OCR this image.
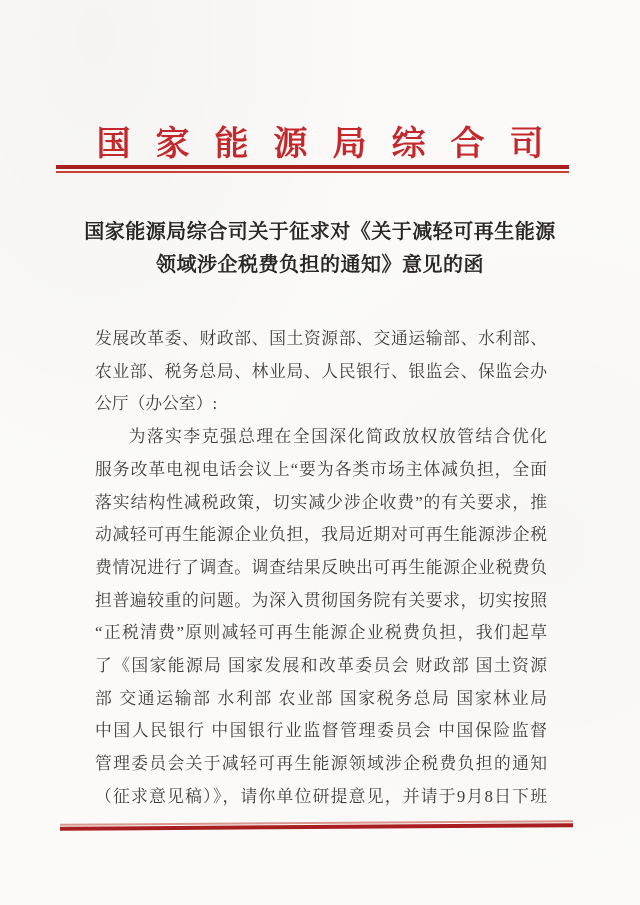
国家能源局综合司
国家能源局综合司关于征求对《关于减轻可再生能源
领域涉企税费负担的通知》意见的函
发展改革委、财政部、国土资源部、交通运输部、水利部、
农业部、税务总局、林业局、人民银行、银监会、保监会办
公厅（办公室）:
为落实李克强总理在全国深化简政放权放管结合优化
服务改革电视电话会议上“要为各类市场主体减负担，全面
落实结构性减税政策，切实减少涉企收费”的有关要求，推
动减轻可再生能源企业负担，我局近期对可再生能源涉企税
费情况进行了调查。调查结果反映出可再生能源企业税费负
担普遍较重的问题。为深入贯彻国务院有关要求，切实按照
“正税清费”原则减轻可再生能源企业税费负担，我们起草
了《国家能源局 国家发展和改革委员会 财政部 国土资源
部 交通运输部 水利部 农业部 国家税务总局 国家林业局
中国人民银行 中国银行业监督管理委员会 中国保险监督
管理委员会关于减轻可再生能源领域涉企税费负担的通知
（征求意见稿）》，请你单位研提意见，并请于9月8日下班
